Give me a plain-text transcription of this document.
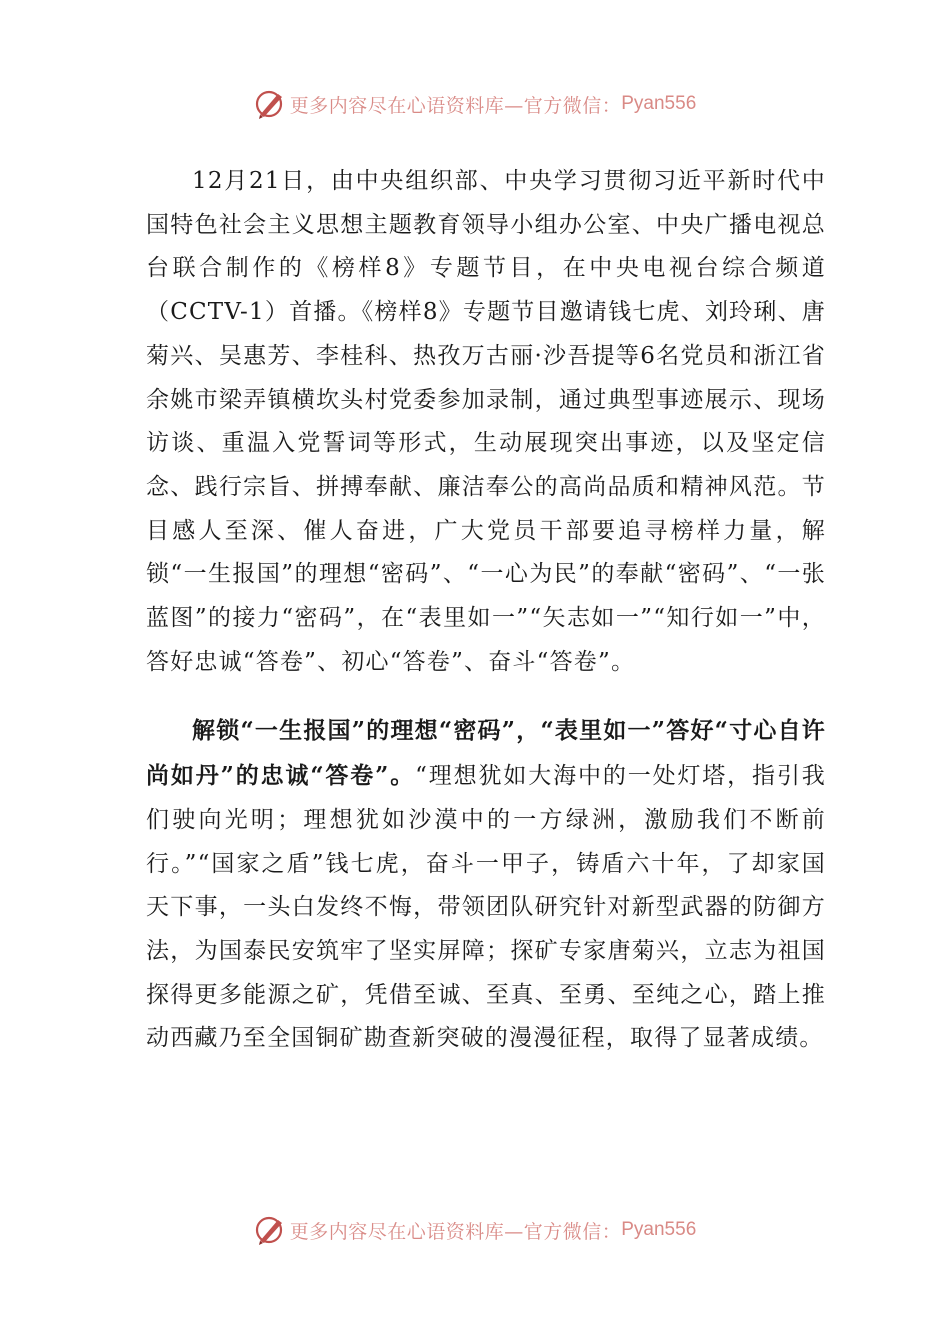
更多内容尽在心语资料库—官方微信： Pyan556

12月21日，由中央组织部、中央学习贯彻习近平新时代中国特色社会主义思想主题教育领导小组办公室、中央广播电视总台联合制作的《榜样8》专题节目，在中央电视台综合频道（CCTV-1）首播。《榜样8》专题节目邀请钱七虎、刘玲琍、唐菊兴、吴惠芳、李桂科、热孜万古丽·沙吾提等6名党员和浙江省余姚市梁弄镇横坎头村党委参加录制，通过典型事迹展示、现场访谈、重温入党誓词等形式，生动展现突出事迹，以及坚定信念、践行宗旨、拼搏奉献、廉洁奉公的高尚品质和精神风范。节目感人至深、催人奋进，广大党员干部要追寻榜样力量，解锁“一生报国”的理想“密码”、“一心为民”的奉献“密码”、“一张蓝图”的接力“密码”，在“表里如一”“矢志如一”“知行如一”中，答好忠诚“答卷”、初心“答卷”、奋斗“答卷”。

解锁“一生报国”的理想“密码”，“表里如一”答好“寸心自许尚如丹”的忠诚“答卷”。“理想犹如大海中的一处灯塔，指引我们驶向光明；理想犹如沙漠中的一方绿洲，激励我们不断前行。”“国家之盾”钱七虎，奋斗一甲子，铸盾六十年，了却家国天下事，一头白发终不悔，带领团队研究针对新型武器的防御方法，为国泰民安筑牢了坚实屏障；探矿专家唐菊兴，立志为祖国探得更多能源之矿，凭借至诚、至真、至勇、至纯之心，踏上推动西藏乃至全国铜矿勘查新突破的漫漫征程，取得了显著成绩。

更多内容尽在心语资料库—官方微信： Pyan556
